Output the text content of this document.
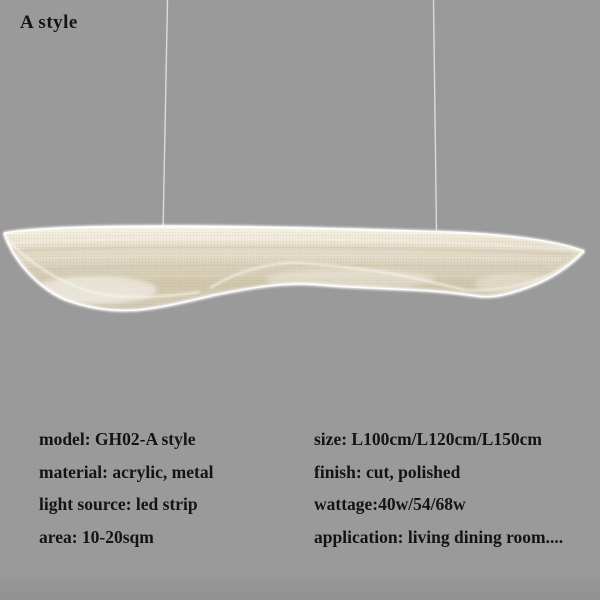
A style
model: GH02-A style
material: acrylic, metal
light source: led strip
area: 10-20sqm
size: L100cm/L120cm/L150cm
finish: cut, polished
wattage:40w/54/68w
application: living dining room....
